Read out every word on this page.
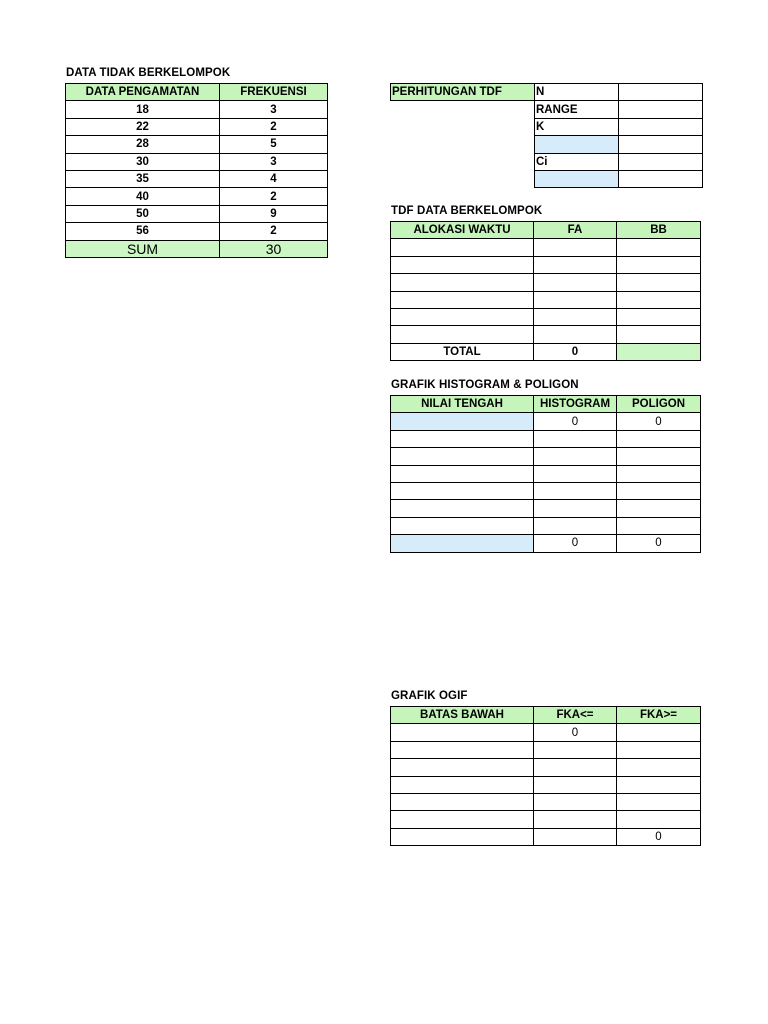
DATA TIDAK BERKELOMPOK
DATA PENGAMATAN	FREKUENSI
18	3
22	2
28	5
30	3
35	4
40	2
50	9
56	2
SUM	30
PERHITUNGAN TDF	N	
	RANGE	
	K	

	Ci	

TDF DATA BERKELOMPOK
ALOKASI WAKTU	FA	BB

TOTAL	0	
GRAFIK HISTOGRAM & POLIGON
NILAI TENGAH	HISTOGRAM	POLIGON
	0	0

	0	0
GRAFIK OGIF
BATAS BAWAH	FKA<=	FKA>=
	0	

		0
